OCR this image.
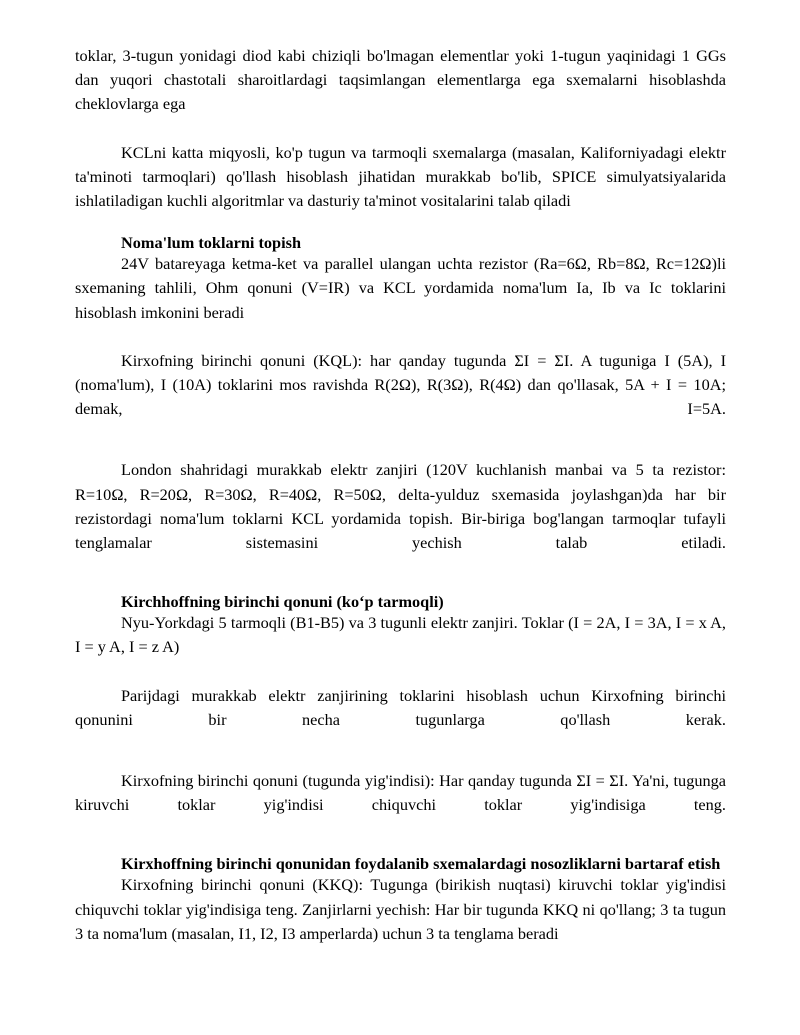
toklar, 3-tugun yonidagi diod kabi chiziqli bo'lmagan elementlar yoki 1-tugun yaqinidagi 1 GGs dan yuqori chastotali sharoitlardagi taqsimlangan elementlarga ega sxemalarni hisoblashda cheklovlarga ega

KCLni katta miqyosli, ko'p tugun va tarmoqli sxemalarga (masalan, Kaliforniyadagi elektr ta'minoti tarmoqlari) qo'llash hisoblash jihatidan murakkab bo'lib, SPICE simulyatsiyalarida ishlatiladigan kuchli algoritmlar va dasturiy ta'minot vositalarini talab qiladi

Noma'lum toklarni topish

24V batareyaga ketma-ket va parallel ulangan uchta rezistor (Ra=6Ω, Rb=8Ω, Rc=12Ω)li sxemaning tahlili, Ohm qonuni (V=IR) va KCL yordamida noma'lum Ia, Ib va Ic toklarini hisoblash imkonini beradi

Kirxofning birinchi qonuni (KQL): har qanday tugunda ΣI = ΣI. A tuguniga I (5A), I (noma'lum), I (10A) toklarini mos ravishda R(2Ω), R(3Ω), R(4Ω) dan qo'llasak, 5A + I = 10A; demak, I=5A.

London shahridagi murakkab elektr zanjiri (120V kuchlanish manbai va 5 ta rezistor: R=10Ω, R=20Ω, R=30Ω, R=40Ω, R=50Ω, delta-yulduz sxemasida joylashgan)da har bir rezistordagi noma'lum toklarni KCL yordamida topish. Bir-biriga bog'langan tarmoqlar tufayli tenglamalar sistemasini yechish talab etiladi.

Kirchhoffning birinchi qonuni (ko‘p tarmoqli)

Nyu-Yorkdagi 5 tarmoqli (B1-B5) va 3 tugunli elektr zanjiri. Toklar (I = 2A, I = 3A, I = x A, I = y A, I = z A)

Parijdagi murakkab elektr zanjirining toklarini hisoblash uchun Kirxofning birinchi qonunini bir necha tugunlarga qo'llash kerak.

Kirxofning birinchi qonuni (tugunda yig'indisi): Har qanday tugunda ΣI = ΣI. Ya'ni, tugunga kiruvchi toklar yig'indisi chiquvchi toklar yig'indisiga teng.

Kirxhoffning birinchi qonunidan foydalanib sxemalardagi nosozliklarni bartaraf etish

Kirxofning birinchi qonuni (KKQ): Tugunga (birikish nuqtasi) kiruvchi toklar yig'indisi chiquvchi toklar yig'indisiga teng. Zanjirlarni yechish: Har bir tugunda KKQ ni qo'llang; 3 ta tugun 3 ta noma'lum (masalan, I1, I2, I3 amperlarda) uchun 3 ta tenglama beradi
